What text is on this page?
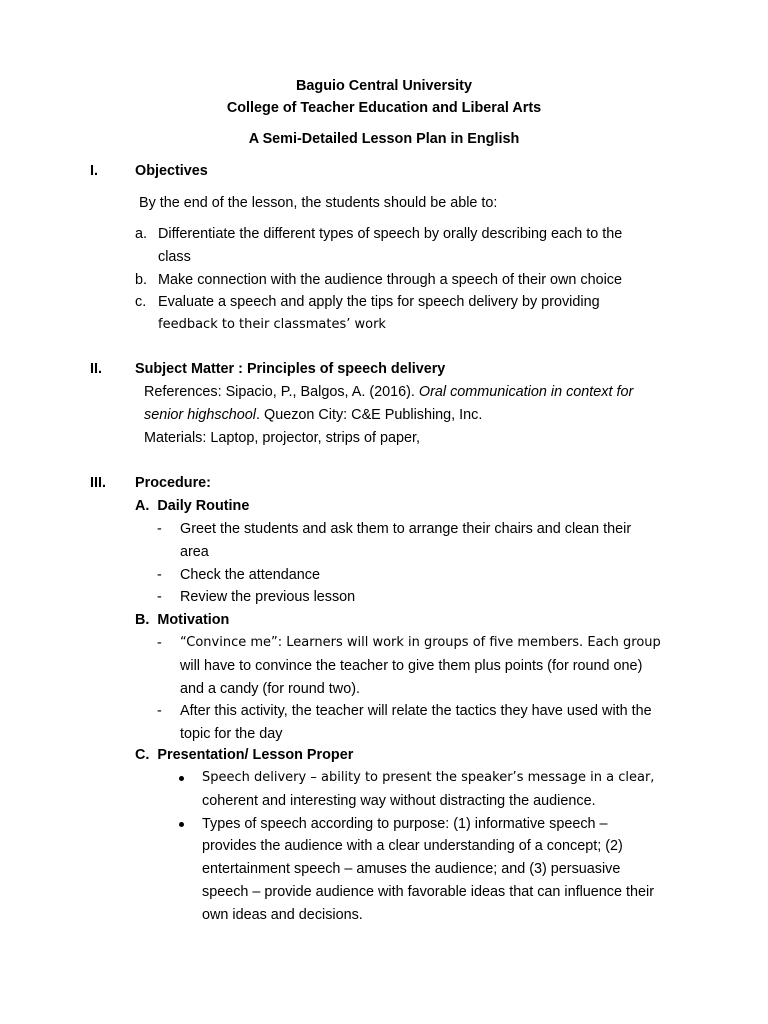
Baguio Central University
College of Teacher Education and Liberal Arts
A Semi-Detailed Lesson Plan in English
I.	Objectives
By the end of the lesson, the students should be able to:
a. Differentiate the different types of speech by orally describing each to the
class
b. Make connection with the audience through a speech of their own choice
c. Evaluate a speech and apply the tips for speech delivery by providing
feedback to their classmates’ work
II. Subject Matter : Principles of speech delivery
References: Sipacio, P., Balgos, A. (2016). Oral communication in context for
senior highschool. Quezon City: C&E Publishing, Inc.
Materials: Laptop, projector, strips of paper,
III. Procedure:
A.  Daily Routine
- Greet the students and ask them to arrange their chairs and clean their
area
- Check the attendance
- Review the previous lesson
B.  Motivation
- “Convince me”: Learners will work in groups of five members. Each group
will have to convince the teacher to give them plus points (for round one)
and a candy (for round two).
- After this activity, the teacher will relate the tactics they have used with the
topic for the day
C.  Presentation/ Lesson Proper
Speech delivery – ability to present the speaker’s message in a clear,
coherent and interesting way without distracting the audience.
Types of speech according to purpose: (1) informative speech –
provides the audience with a clear understanding of a concept; (2)
entertainment speech – amuses the audience; and (3) persuasive
speech – provide audience with favorable ideas that can influence their
own ideas and decisions.
